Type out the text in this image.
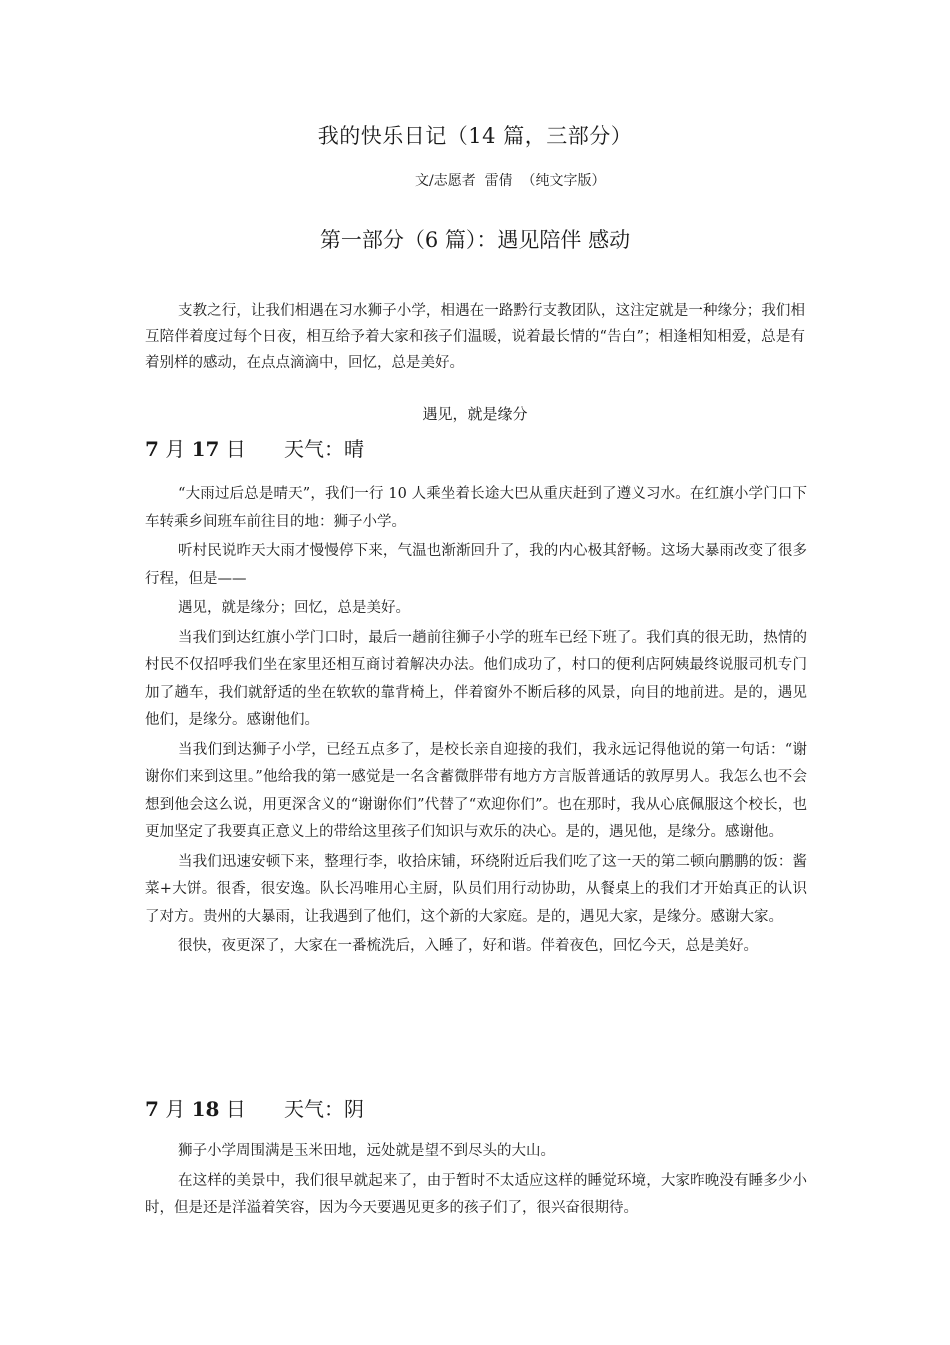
我的快乐日记（14 篇，三部分）
文/志愿者  雷倩  （纯文字版）
第一部分（6 篇）：遇见陪伴 感动

支教之行，让我们相遇在习水狮子小学，相遇在一路黔行支教团队，这注定就是一种缘分；我们相互陪伴着度过每个日夜，相互给予着大家和孩子们温暖，说着最长情的“告白”；相逢相知相爱，总是有着别样的感动，在点点滴滴中，回忆，总是美好。

遇见，就是缘分
7 月 17 日 天气：晴

“大雨过后总是晴天”，我们一行 10 人乘坐着长途大巴从重庆赶到了遵义习水。在红旗小学门口下车转乘乡间班车前往目的地：狮子小学。

听村民说昨天大雨才慢慢停下来，气温也渐渐回升了，我的内心极其舒畅。这场大暴雨改变了很多行程，但是——

遇见，就是缘分；回忆，总是美好。

当我们到达红旗小学门口时，最后一趟前往狮子小学的班车已经下班了。我们真的很无助，热情的村民不仅招呼我们坐在家里还相互商讨着解决办法。他们成功了，村口的便利店阿姨最终说服司机专门加了趟车，我们就舒适的坐在软软的靠背椅上，伴着窗外不断后移的风景，向目的地前进。是的，遇见他们，是缘分。感谢他们。

当我们到达狮子小学，已经五点多了，是校长亲自迎接的我们，我永远记得他说的第一句话：“谢谢你们来到这里。”他给我的第一感觉是一名含蓄微胖带有地方方言版普通话的敦厚男人。我怎么也不会想到他会这么说，用更深含义的“谢谢你们”代替了“欢迎你们”。也在那时，我从心底佩服这个校长，也更加坚定了我要真正意义上的带给这里孩子们知识与欢乐的决心。是的，遇见他，是缘分。感谢他。

当我们迅速安顿下来，整理行李，收拾床铺，环绕附近后我们吃了这一天的第二顿向鹏鹏的饭：酱菜+大饼。很香，很安逸。队长冯唯用心主厨，队员们用行动协助，从餐桌上的我们才开始真正的认识了对方。贵州的大暴雨，让我遇到了他们，这个新的大家庭。是的，遇见大家，是缘分。感谢大家。

很快，夜更深了，大家在一番梳洗后，入睡了，好和谐。伴着夜色，回忆今天，总是美好。

7 月 18 日 天气：阴

狮子小学周围满是玉米田地，远处就是望不到尽头的大山。

在这样的美景中，我们很早就起来了，由于暂时不太适应这样的睡觉环境，大家昨晚没有睡多少小时，但是还是洋溢着笑容，因为今天要遇见更多的孩子们了，很兴奋很期待。
